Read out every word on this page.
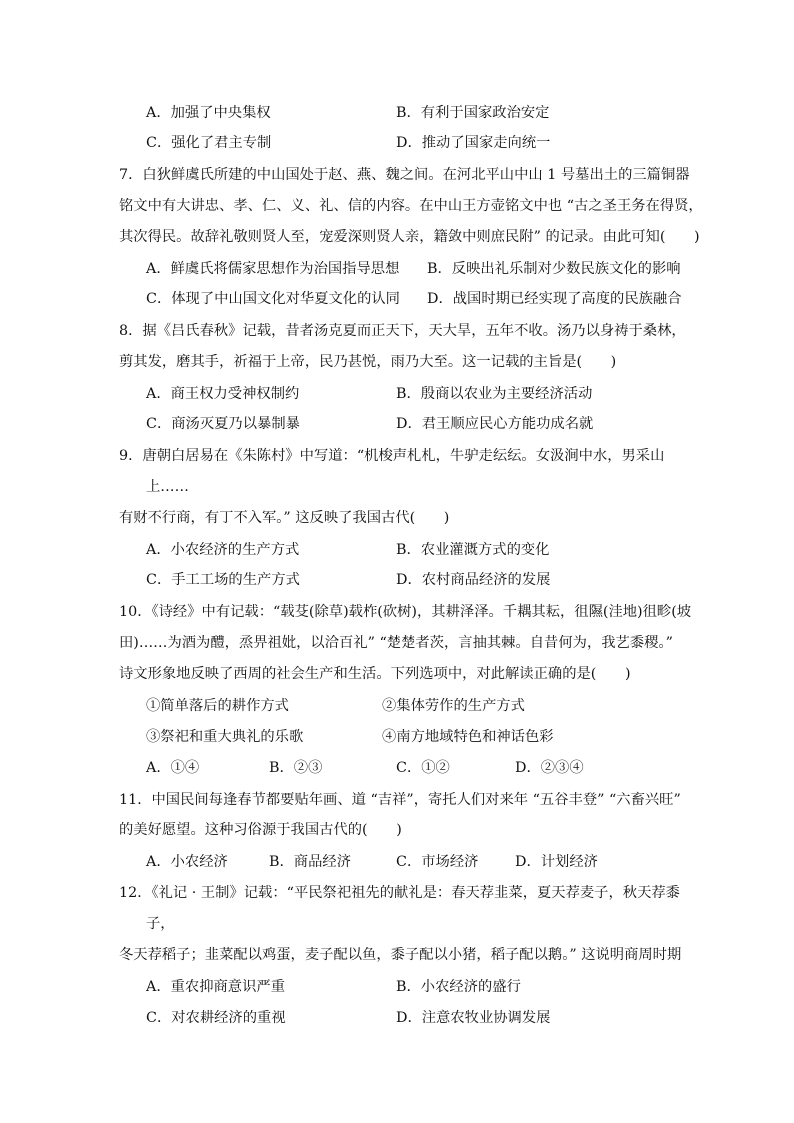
A．加强了中央集权	B．有利于国家政治安定
C．强化了君主专制	D．推动了国家走向统一
7．白狄鲜虞氏所建的中山国处于赵、燕、魏之间。在河北平山中山 1 号墓出土的三篇铜器
铭文中有大讲忠、孝、仁、义、礼、信的内容。在中山王方壶铭文中也 “古之圣王务在得贤，
其次得民。故辞礼敬则贤人至，宠爱深则贤人亲，籍敛中则庶民附” 的记录。由此可知(　　)
A．鲜虞氏将儒家思想作为治国指导思想 B．反映出礼乐制对少数民族文化的影响
C．体现了中山国文化对华夏文化的认同 D．战国时期已经实现了高度的民族融合
8．据《吕氏春秋》记载，昔者汤克夏而正天下，天大旱，五年不收。汤乃以身祷于桑林，
剪其发，磨其手，祈福于上帝，民乃甚悦，雨乃大至。这一记载的主旨是(　　)
A．商王权力受神权制约	B．殷商以农业为主要经济活动
C．商汤灭夏乃以暴制暴	D．君王顺应民心方能功成名就
9．唐朝白居易在《朱陈村》中写道：“机梭声札札，牛驴走纭纭。女汲涧中水，男采山
上……
有财不行商，有丁不入军。” 这反映了我国古代(　　)
A．小农经济的生产方式	B．农业灌溉方式的变化
C．手工工场的生产方式	D．农村商品经济的发展
10．《诗经》中有记载：“载芟(除草)载柞(砍树)，其耕泽泽。千耦其耘，徂隰(洼地)徂畛(坡
田)……为酒为醴，烝畀祖妣，以洽百礼” “楚楚者茨，言抽其棘。自昔何为，我艺黍稷。”
诗文形象地反映了西周的社会生产和生活。下列选项中，对此解读正确的是(　　)
①简单落后的耕作方式	②集体劳作的生产方式
③祭祀和重大典礼的乐歌	④南方地域特色和神话色彩
A．①④	B．②③	C．①②	D．②③④
11．中国民间每逢春节都要贴年画、道 “吉祥”，寄托人们对来年 “五谷丰登” “六畜兴旺”
的美好愿望。这种习俗源于我国古代的(　　)
A．小农经济	B．商品经济	C．市场经济	D．计划经济
12．《礼记 · 王制》记载：“平民祭祀祖先的献礼是：春天荐韭菜，夏天荐麦子，秋天荐黍
子，
冬天荐稻子；韭菜配以鸡蛋，麦子配以鱼，黍子配以小猪，稻子配以鹅。” 这说明商周时期
A．重农抑商意识严重	B．小农经济的盛行
C．对农耕经济的重视	D．注意农牧业协调发展
